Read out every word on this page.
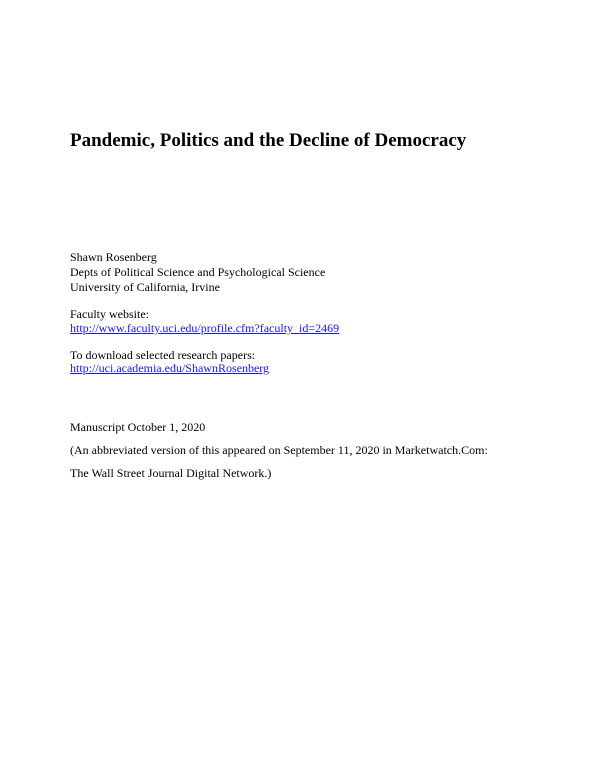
Pandemic, Politics and the Decline of Democracy

Shawn Rosenberg

Depts of Political Science and Psychological Science

University of California, Irvine

Faculty website:

http://www.faculty.uci.edu/profile.cfm?faculty_id=2469

To download selected research papers:

http://uci.academia.edu/ShawnRosenberg

Manuscript October 1, 2020

(An abbreviated version of this appeared on September 11, 2020 in Marketwatch.Com:

The Wall Street Journal Digital Network.)
